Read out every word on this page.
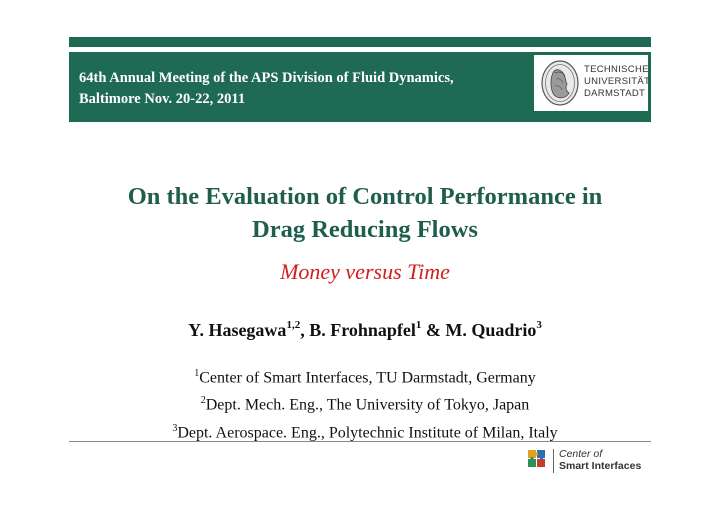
64th Annual Meeting of the APS Division of Fluid Dynamics,
Baltimore Nov. 20-22, 2011
TECHNISCHE
UNIVERSITÄT
DARMSTADT
On the Evaluation of Control Performance in
Drag Reducing Flows
Money versus Time
Y. Hasegawa$^{1,2}$, B. Frohnapfel$^1$ & M. Quadrio$^3$
$^1$Center of Smart Interfaces, TU Darmstadt, Germany
$^2$Dept. Mech. Eng., The University of Tokyo, Japan
$^3$Dept. Aerospace. Eng., Polytechnic Institute of Milan, Italy
Center of
Smart Interfaces
